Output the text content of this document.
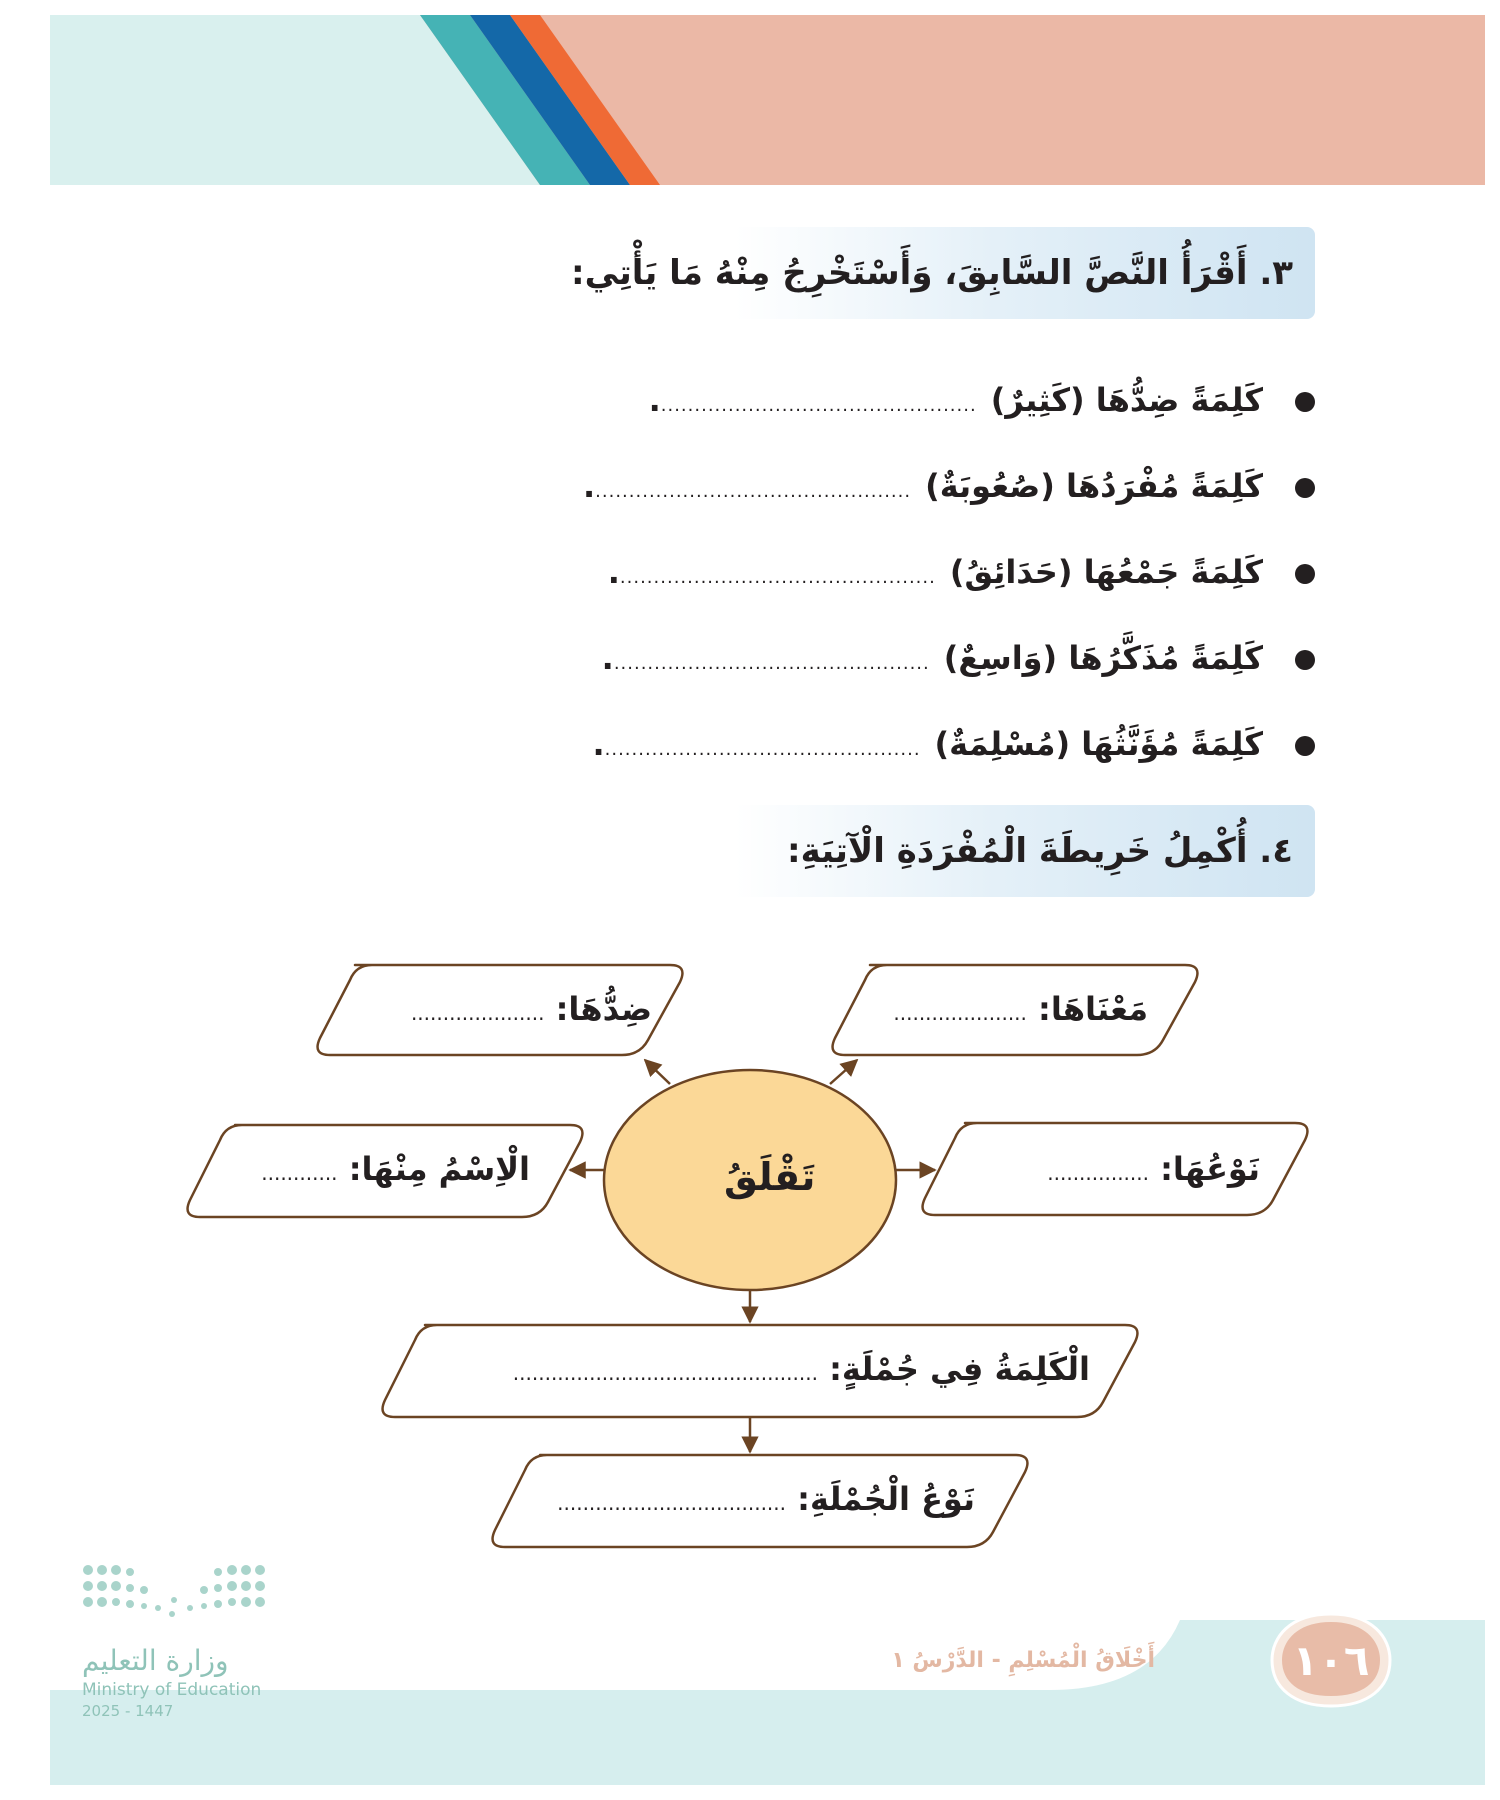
٣. أَقْرَأُ النَّصَّ السَّابِقَ، وَأَسْتَخْرِجُ مِنْهُ مَا يَأْتِي:
كَلِمَةً ضِدُّهَا (كَثِيرٌ)................................................
كَلِمَةً مُفْرَدُهَا (صُعُوبَةٌ)................................................
كَلِمَةً جَمْعُهَا (حَدَائِقُ)................................................
كَلِمَةً مُذَكَّرُهَا (وَاسِعٌ)................................................
كَلِمَةً مُؤَنَّثُهَا (مُسْلِمَةٌ)................................................
٤. أُكْمِلُ خَرِيطَةَ الْمُفْرَدَةِ الْآتِيَةِ:
تَقْلَقُ
ضِدُّهَا: .....................	مَعْنَاهَا: .....................
الْاِسْمُ مِنْهَا: ............	نَوْعُهَا: ................
الْكَلِمَةُ فِي جُمْلَةٍ: ................................................
نَوْعُ الْجُمْلَةِ: ....................................
١٠٦
أَخْلَاقُ الْمُسْلِمِ - الدَّرْسُ ١
وزارة التعليم
Ministry of Education
2025 - 1447
